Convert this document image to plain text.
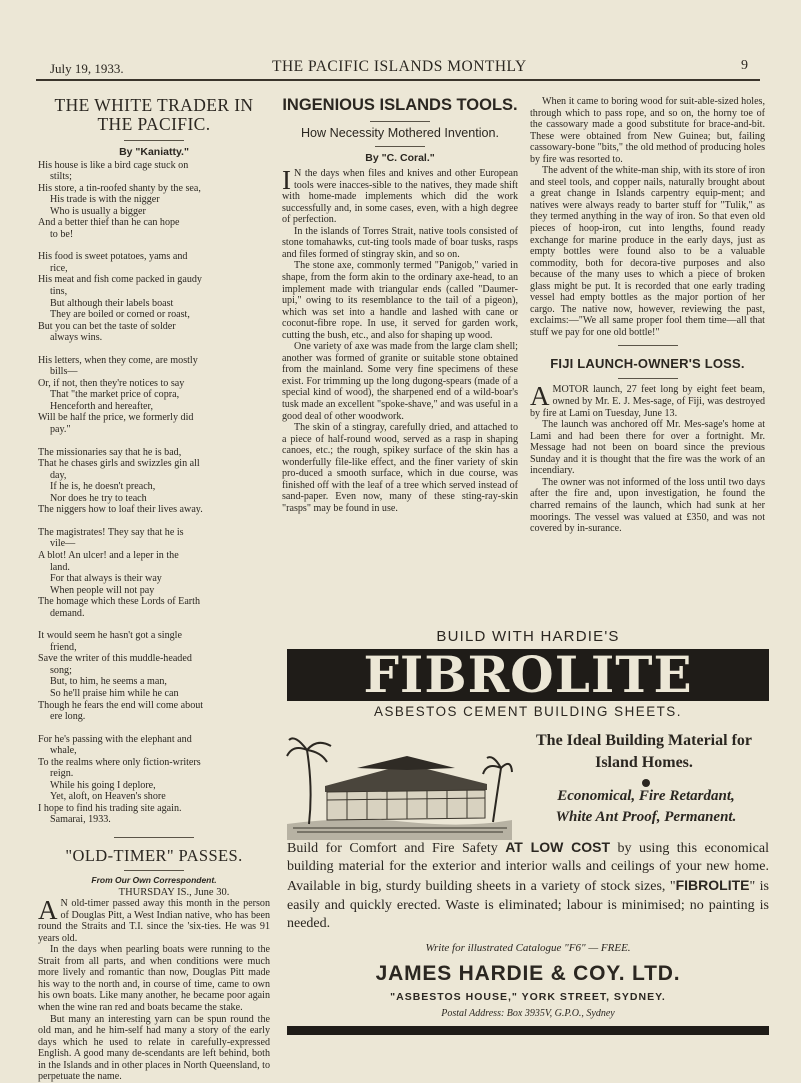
July 19, 1933.	THE PACIFIC ISLANDS MONTHLY	9
THE WHITE TRADER IN THE PACIFIC.
By "Kaniatty."
His house is like a bird cage stuck on
stilts;
His store, a tin-roofed shanty by the sea,
His trade is with the nigger
Who is usually a bigger
And a better thief than he can hope
to be!
His food is sweet potatoes, yams and
rice,
His meat and fish come packed in gaudy
tins,
But although their labels boast
They are boiled or corned or roast,
But you can bet the taste of solder
always wins.
His letters, when they come, are mostly
bills—
Or, if not, then they're notices to say
That "the market price of copra,
Henceforth and hereafter,
Will be half the price, we formerly did
pay."
The missionaries say that he is bad,
That he chases girls and swizzles gin all
day,
If he is, he doesn't preach,
Nor does he try to teach
The niggers how to loaf their lives away.
The magistrates! They say that he is
vile—
A blot! An ulcer! and a leper in the
land.
For that always is their way
When people will not pay
The homage which these Lords of Earth
demand.
It would seem he hasn't got a single
friend,
Save the writer of this muddle-headed
song;
But, to him, he seems a man,
So he'll praise him while he can
Though he fears the end will come about
ere long.
For he's passing with the elephant and
whale,
To the realms where only fiction-writers
reign.
While his going I deplore,
Yet, aloft, on Heaven's shore
I hope to find his trading site again.
Samarai, 1933.
"OLD-TIMER" PASSES.
From Our Own Correspondent.
THURSDAY IS., June 30.
A N old-timer passed away this month in the person of Douglas Pitt, a West Indian native, who has been round the Straits and T.I. since the 'six-ties. He was 91 years old.
In the days when pearling boats were running to the Strait from all parts, and when conditions were much more lively and romantic than now, Douglas Pitt made his way to the north and, in course of time, came to own his own boats. Like many another, he became poor again when the wine ran red and boats became the stake.
But many an interesting yarn can be spun round the old man, and he him-self had many a story of the early days which he used to relate in carefully-expressed English. A good many de-scendants are left behind, both in the Islands and in other places in North Queensland, to perpetuate the name.
INGENIOUS ISLANDS TOOLS.
How Necessity Mothered Invention.
By "C. Coral."
I N the days when files and knives and other European tools were inacces-sible to the natives, they made shift with home-made implements which did the work successfully and, in some cases, even, with a high degree of perfection.
In the islands of Torres Strait, native tools consisted of stone tomahawks, cut-ting tools made of boar tusks, rasps and files formed of stingray skin, and so on.
The stone axe, commonly termed "Panigob," varied in shape, from the form akin to the ordinary axe-head, to an implement made with triangular ends (called "Daumer-upi," owing to its resemblance to the tail of a pigeon), which was set into a handle and lashed with cane or coconut-fibre rope. In use, it served for garden work, cutting the bush, etc., and also for shaping up wood.
One variety of axe was made from the large clam shell; another was formed of granite or suitable stone obtained from the mainland. Some very fine specimens of these exist. For trimming up the long dugong-spears (made of a special kind of wood), the sharpened end of a wild-boar's tusk made an excellent "spoke-shave," and was useful in a good deal of other woodwork.
The skin of a stingray, carefully dried, and attached to a piece of half-round wood, served as a rasp in shaping canoes, etc.; the rough, spikey surface of the skin has a wonderfully file-like effect, and the finer variety of skin pro-duced a smooth surface, which in due course, was finished off with the leaf of a tree which served instead of sand-paper. Even now, many of these sting-ray-skin "rasps" may be found in use.
When it came to boring wood for suit-able-sized holes, through which to pass rope, and so on, the horny toe of the cassowary made a good substitute for brace-and-bit. These were obtained from New Guinea; but, failing cassowary-bone "bits," the old method of producing holes by fire was resorted to.
The advent of the white-man ship, with its store of iron and steel tools, and copper nails, naturally brought about a great change in Islands carpentry equip-ment; and natives were always ready to barter stuff for "Tulik," as they termed anything in the way of iron. So that even old pieces of hoop-iron, cut into lengths, found ready exchange for marine produce in the early days, just as empty bottles were found also to be a valuable commodity, both for decora-tive purposes and also because of the many uses to which a piece of broken glass might be put. It is recorded that one early trading vessel had empty bottles as the major portion of her cargo. The native now, however, reviewing the past, exclaims:—"We all same proper fool them time—all that stuff we pay for one old bottle!"
FIJI LAUNCH-OWNER'S LOSS.
AMOTOR launch, 27 feet long by eight feet beam, owned by Mr. E. J. Mes-sage, of Fiji, was destroyed by fire at Lami on Tuesday, June 13.
The launch was anchored off Mr. Mes-sage's home at Lami and had been there for over a fortnight. Mr. Message had not been on board since the previous Sunday and it is thought that the fire was the work of an incendiary.
The owner was not informed of the loss until two days after the fire and, upon investigation, he found the charred remains of the launch, which had sunk at her moorings. The vessel was valued at £350, and was not covered by in-surance.
BUILD WITH HARDIE'S
FIBROLITE
ASBESTOS CEMENT BUILDING SHEETS.
The Ideal Building Material for Island Homes.
Economical, Fire Retardant,
White Ant Proof, Permanent.
Build for Comfort and Fire Safety AT LOW COST by using this economical building material for the exterior and interior walls and ceilings of your new home. Available in big, sturdy building sheets in a variety of stock sizes, "FIBROLITE" is easily and quickly erected. Waste is eliminated; labour is minimised; no painting is needed.
Write for illustrated Catalogue "F6" — FREE.
JAMES HARDIE & COY. LTD.
"ASBESTOS HOUSE," YORK STREET, SYDNEY.
Postal Address: Box 3935V, G.P.O., Sydney
